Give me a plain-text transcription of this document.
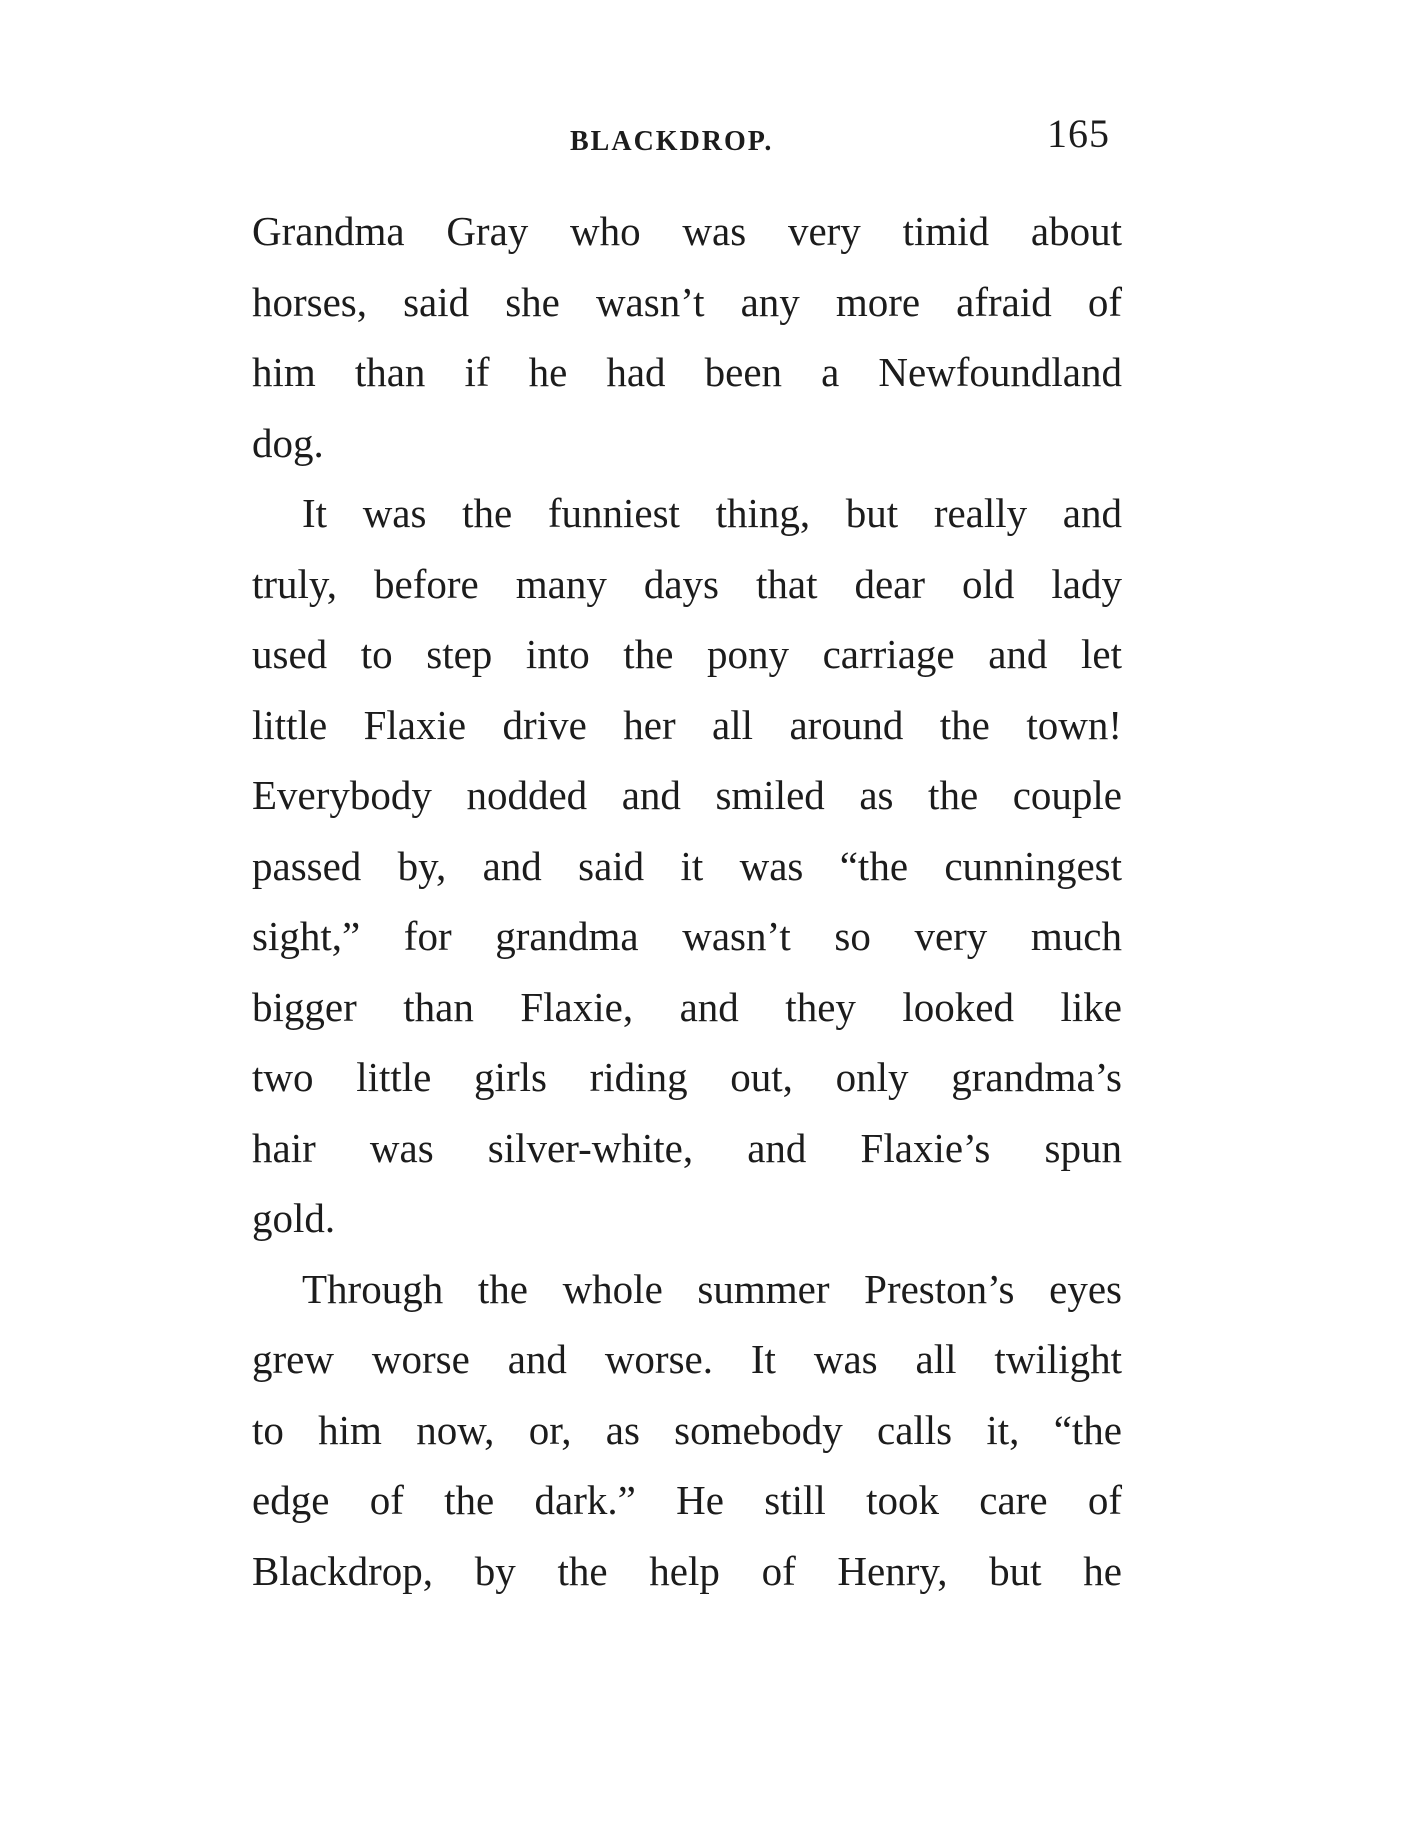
BLACKDROP.	165
Grandma Gray who was very timid about
horses, said she wasn’t any more afraid of
him than if he had been a Newfoundland
dog.
It was the funniest thing, but really and
truly, before many days that dear old lady
used to step into the pony carriage and let
little Flaxie drive her all around the town!
Everybody nodded and smiled as the couple
passed by, and said it was “the cunningest
sight,” for grandma wasn’t so very much
bigger than Flaxie, and they looked like
two little girls riding out, only grandma’s
hair was silver-white, and Flaxie’s spun
gold.
Through the whole summer Preston’s eyes
grew worse and worse. It was all twilight
to him now, or, as somebody calls it, “the
edge of the dark.” He still took care of
Blackdrop, by the help of Henry, but he
